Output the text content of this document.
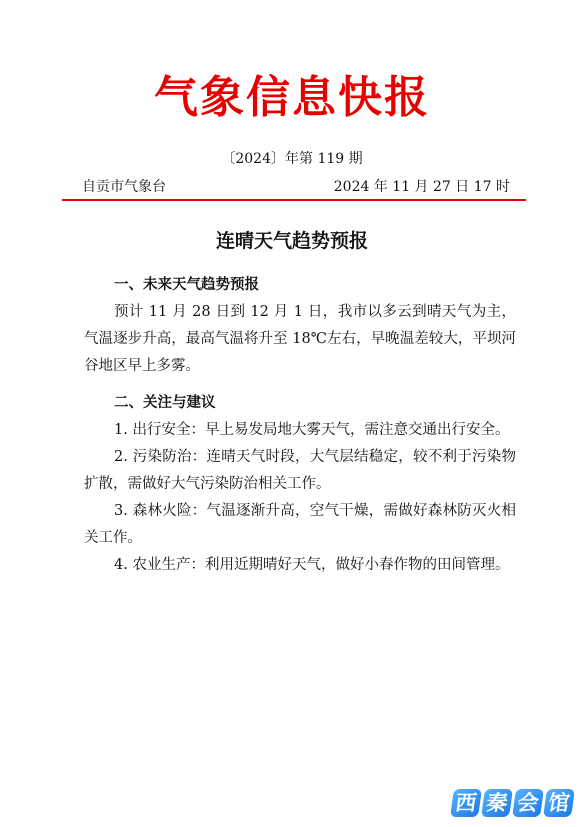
气象信息快报
〔2024〕年第 119 期
自贡市气象台	2024 年 11 月 27 日 17 时
连晴天气趋势预报

一、未来天气趋势预报

预计 11 月 28 日到 12 月 1 日，我市以多云到晴天气为主，气温逐步升高，最高气温将升至 18℃左右，早晚温差较大，平坝河谷地区早上多雾。

二、关注与建议

1. 出行安全：早上易发局地大雾天气，需注意交通出行安全。

2. 污染防治：连晴天气时段，大气层结稳定，较不利于污染物扩散，需做好大气污染防治相关工作。

3. 森林火险：气温逐渐升高，空气干燥，需做好森林防灭火相关工作。

4. 农业生产：利用近期晴好天气，做好小春作物的田间管理。

西 秦 会 馆
